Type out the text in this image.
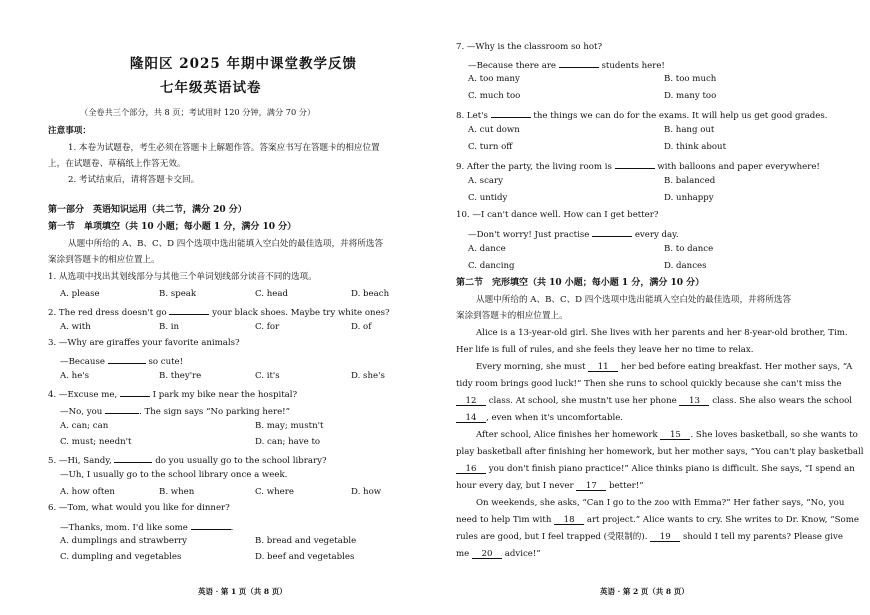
隆阳区 2025 年期中课堂教学反馈
七年级英语试卷
（全卷共三个部分，共 8 页；考试用时 120 分钟，满分 70 分）
注意事项：
1. 本卷为试题卷，考生必须在答题卡上解题作答。答案应书写在答题卡的相应位置
上，在试题卷、草稿纸上作答无效。
2. 考试结束后，请将答题卡交回。
第一部分　英语知识运用（共二节，满分 20 分）
第一节　单项填空（共 10 小题；每小题 1 分，满分 10 分）
从题中所给的 A、B、C、D 四个选项中选出能填入空白处的最佳选项，并将所选答
案涂到答题卡的相应位置上。
1. 从选项中找出其划线部分与其他三个单词划线部分读音不同的选项。
A. please	B. speak	C. head	D. beach
2. The red dress doesn't go	your black shoes. Maybe try white ones?
A. with	B. in	C. for	D. of
3. —Why are giraffes your favorite animals?
—Because	so cute!
A. he's	B. they're	C. it's	D. she's
4. —Excuse me,	I park my bike near the hospital?
—No, you	. The sign says “No parking here!”
A. can; can	B. may; mustn't
C. must; needn't	D. can; have to
5. —Hi, Sandy,	do you usually go to the school library?
—Uh, I usually go to the school library once a week.
A. how often	B. when	C. where	D. how
6. —Tom, what would you like for dinner?
—Thanks, mom. I'd like some	.
A. dumplings and strawberry	B. bread and vegetable
C. dumpling and vegetables	D. beef and vegetables
英语 · 第 1 页（共 8 页）
7. —Why is the classroom so hot?
—Because there are	students here!
A. too many	B. too much
C. much too	D. many too
8. Let's	the things we can do for the exams. It will help us get good grades.
A. cut down	B. hang out
C. turn off	D. think about
9. After the party, the living room is	with balloons and paper everywhere!
A. scary	B. balanced
C. untidy	D. unhappy
10. —I can't dance well. How can I get better?
—Don't worry! Just practise	every day.
A. dance	B. to dance
C. dancing	D. dances
第二节　完形填空（共 10 小题；每小题 1 分，满分 10 分）
从题中所给的 A、B、C、D 四个选项中选出能填入空白处的最佳选项，并将所选答
案涂到答题卡的相应位置上。
Alice is a 13-year-old girl. She lives with her parents and her 8-year-old brother, Tim.
Her life is full of rules, and she feels they leave her no time to relax.
Every morning, she must 11 her bed before eating breakfast. Her mother says, “A
tidy room brings good luck!” Then she runs to school quickly because she can't miss the
12 class. At school, she mustn't use her phone 13 class. She also wears the school
14 , even when it's uncomfortable.
After school, Alice finishes her homework 15 . She loves basketball, so she wants to
play basketball after finishing her homework, but her mother says, “You can't play basketball
16 you don't finish piano practice!” Alice thinks piano is difficult. She says, “I spend an
hour every day, but I never 17 better!”
On weekends, she asks, “Can I go to the zoo with Emma?” Her father says, “No, you
need to help Tim with 18 art project.” Alice wants to cry. She writes to Dr. Know, “Some
rules are good, but I feel trapped (受限制的). 19 should I tell my parents? Please give
me 20 advice!”
英语 · 第 2 页（共 8 页）
